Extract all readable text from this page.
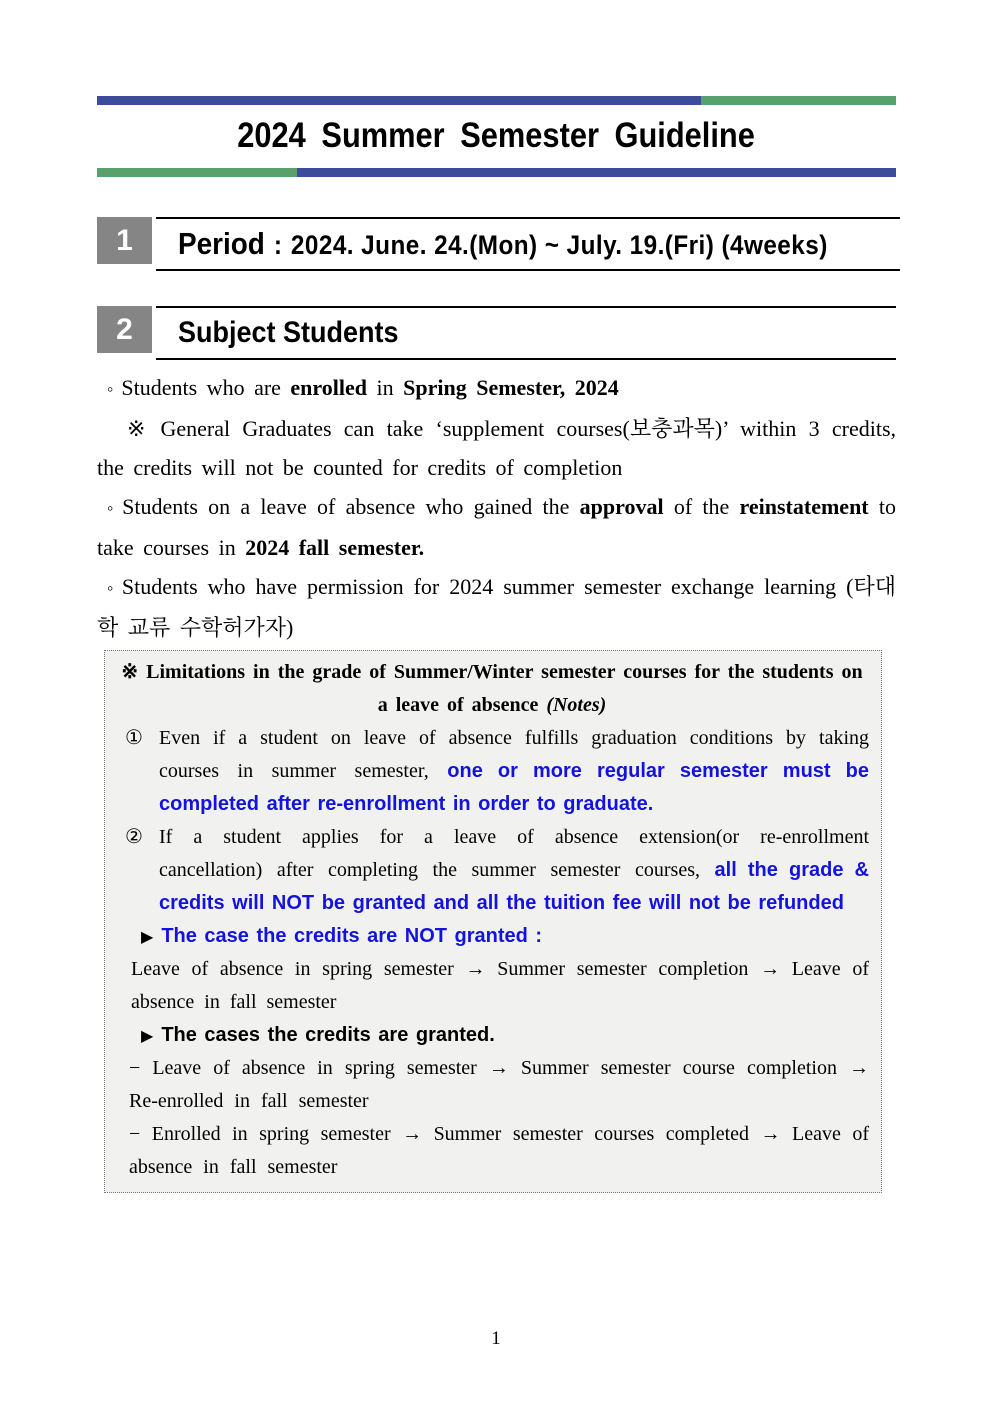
2024 Summer Semester Guideline
1	Period : 2024. June. 24.(Mon) ~ July. 19.(Fri) (4weeks)
2	Subject Students

◦ Students who are enrolled in Spring Semester, 2024

※ General Graduates can take ‘supplement courses(보충과목)’ within 3 credits, the credits will not be counted for credits of completion

◦ Students on a leave of absence who gained the approval of the reinstatement to take courses in 2024 fall semester.

◦ Students who have permission for 2024 summer semester exchange learning (타대학 교류 수학허가자)

※ Limitations in the grade of Summer/Winter semester courses for the students on a leave of absence (Notes)

① Even if a student on leave of absence fulfills graduation conditions by taking courses in summer semester, one or more regular semester must be completed after re-enrollment in order to graduate.

② If a student applies for a leave of absence extension(or re-enrollment cancellation) after completing the summer semester courses, all the grade & credits will NOT be granted and all the tuition fee will not be refunded

▶ The case the credits are NOT granted :

Leave of absence in spring semester → Summer semester completion → Leave of absence in fall semester

▶ The cases the credits are granted.

− Leave of absence in spring semester → Summer semester course completion → Re-enrolled in fall semester

− Enrolled in spring semester → Summer semester courses completed → Leave of absence in fall semester

1
